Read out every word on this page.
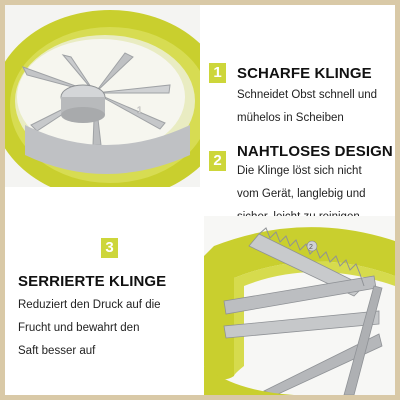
1
1 SCHARFE KLINGE
Schneidet Obst schnell und
mühelos in Scheiben
2
NAHTLOSES DESIGN
Die Klinge löst sich nicht
vom Gerät, langlebig und
3
SERRIERTE KLINGE
Reduziert den Druck auf die
Frucht und bewahrt den
Saft besser auf
2
